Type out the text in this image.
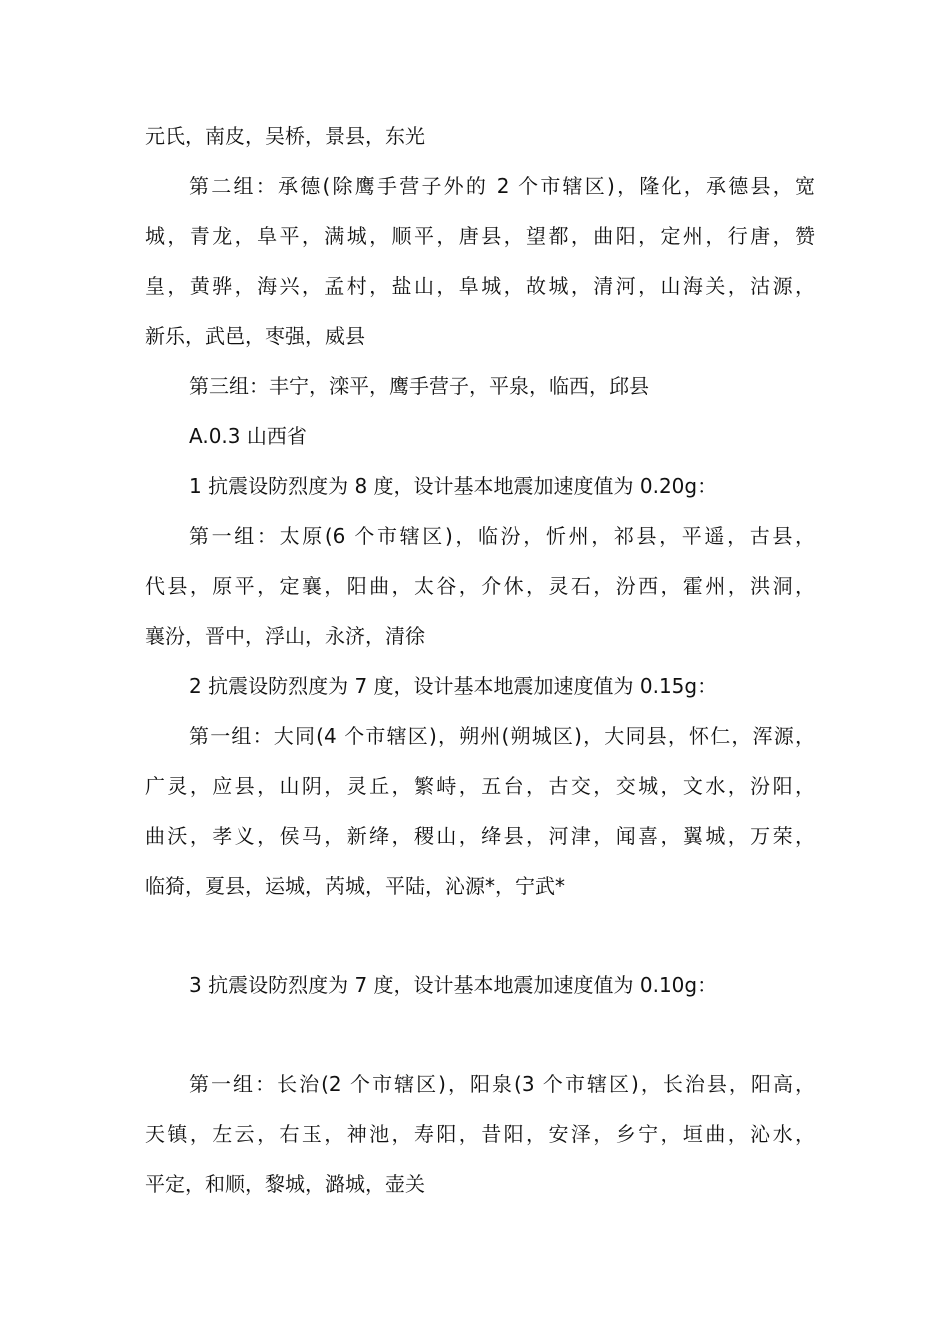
元氏，南皮，吴桥，景县，东光
第二组：承德(除鹰手营子外的 2 个市辖区)，隆化，承德县，宽
城，青龙，阜平，满城，顺平，唐县，望都，曲阳，定州，行唐，赞
皇，黄骅，海兴，孟村，盐山，阜城，故城，清河，山海关，沽源，
新乐，武邑，枣强，威县
第三组：丰宁，滦平，鹰手营子，平泉，临西，邱县
A.0.3 山西省
1 抗震设防烈度为 8 度，设计基本地震加速度值为 0.20g：
第一组：太原(6 个市辖区)，临汾，忻州，祁县，平遥，古县，
代县，原平，定襄，阳曲，太谷，介休，灵石，汾西，霍州，洪洞，
襄汾，晋中，浮山，永济，清徐
2 抗震设防烈度为 7 度，设计基本地震加速度值为 0.15g：
第一组：大同(4 个市辖区)，朔州(朔城区)，大同县，怀仁，浑源，
广灵，应县，山阴，灵丘，繁峙，五台，古交，交城，文水，汾阳，
曲沃，孝义，侯马，新绛，稷山，绛县，河津，闻喜，翼城，万荣，
临猗，夏县，运城，芮城，平陆，沁源*，宁武*
3 抗震设防烈度为 7 度，设计基本地震加速度值为 0.10g：
第一组：长治(2 个市辖区)，阳泉(3 个市辖区)，长治县，阳高，
天镇，左云，右玉，神池，寿阳，昔阳，安泽，乡宁，垣曲，沁水，
平定，和顺，黎城，潞城，壶关
